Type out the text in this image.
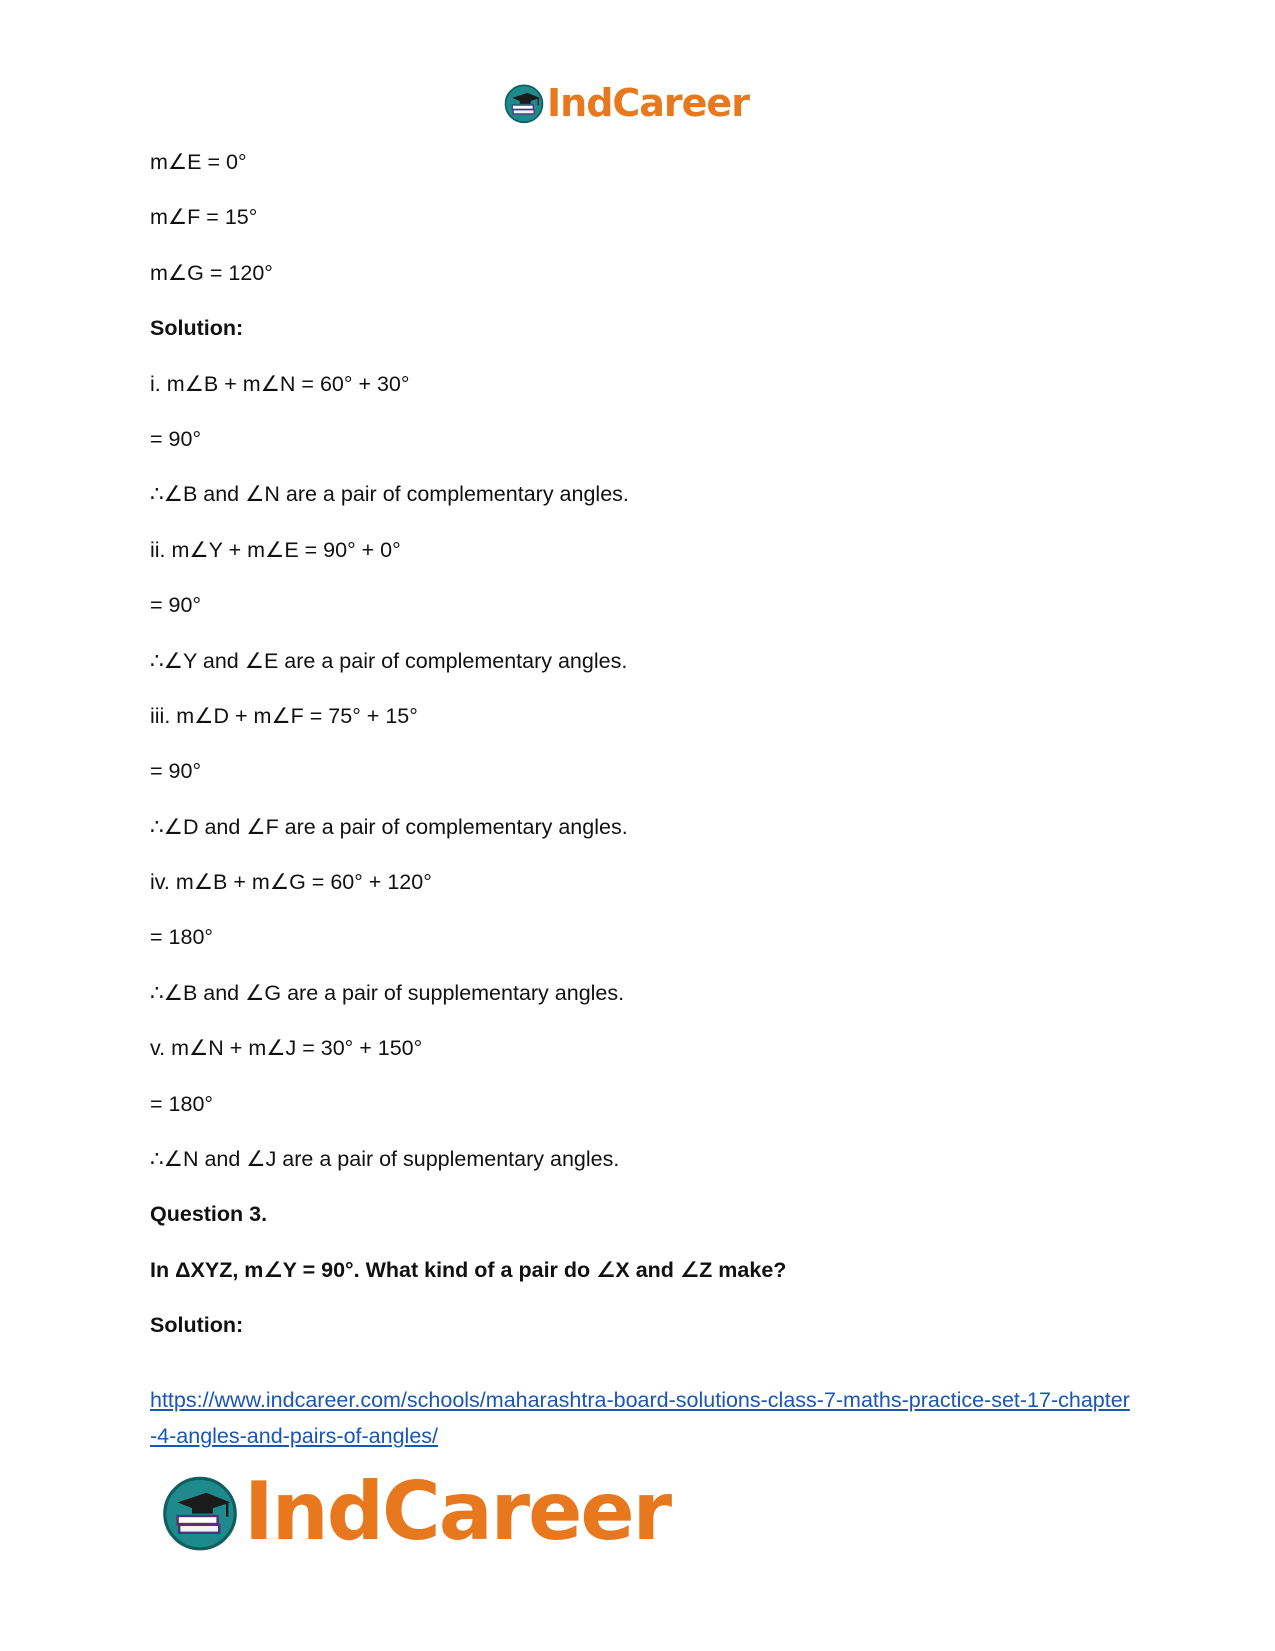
IndCareer
m∠E = 0°
m∠F = 15°
m∠G = 120°
Solution:
i. m∠B + m∠N = 60° + 30°
= 90°
∴∠B and ∠N are a pair of complementary angles.
ii. m∠Y + m∠E = 90° + 0°
= 90°
∴∠Y and ∠E are a pair of complementary angles.
iii. m∠D + m∠F = 75° + 15°
= 90°
∴∠D and ∠F are a pair of complementary angles.
iv. m∠B + m∠G = 60° + 120°
= 180°
∴∠B and ∠G are a pair of supplementary angles.
v. m∠N + m∠J = 30° + 150°
= 180°
∴∠N and ∠J are a pair of supplementary angles.
Question 3.
In ΔXYZ, m∠Y = 90°. What kind of a pair do ∠X and ∠Z make?
Solution:
https://www.indcareer.com/schools/maharashtra-board-solutions-class-7-maths-practice-set-17-chapter-4-angles-and-pairs-of-angles/
IndCareer
